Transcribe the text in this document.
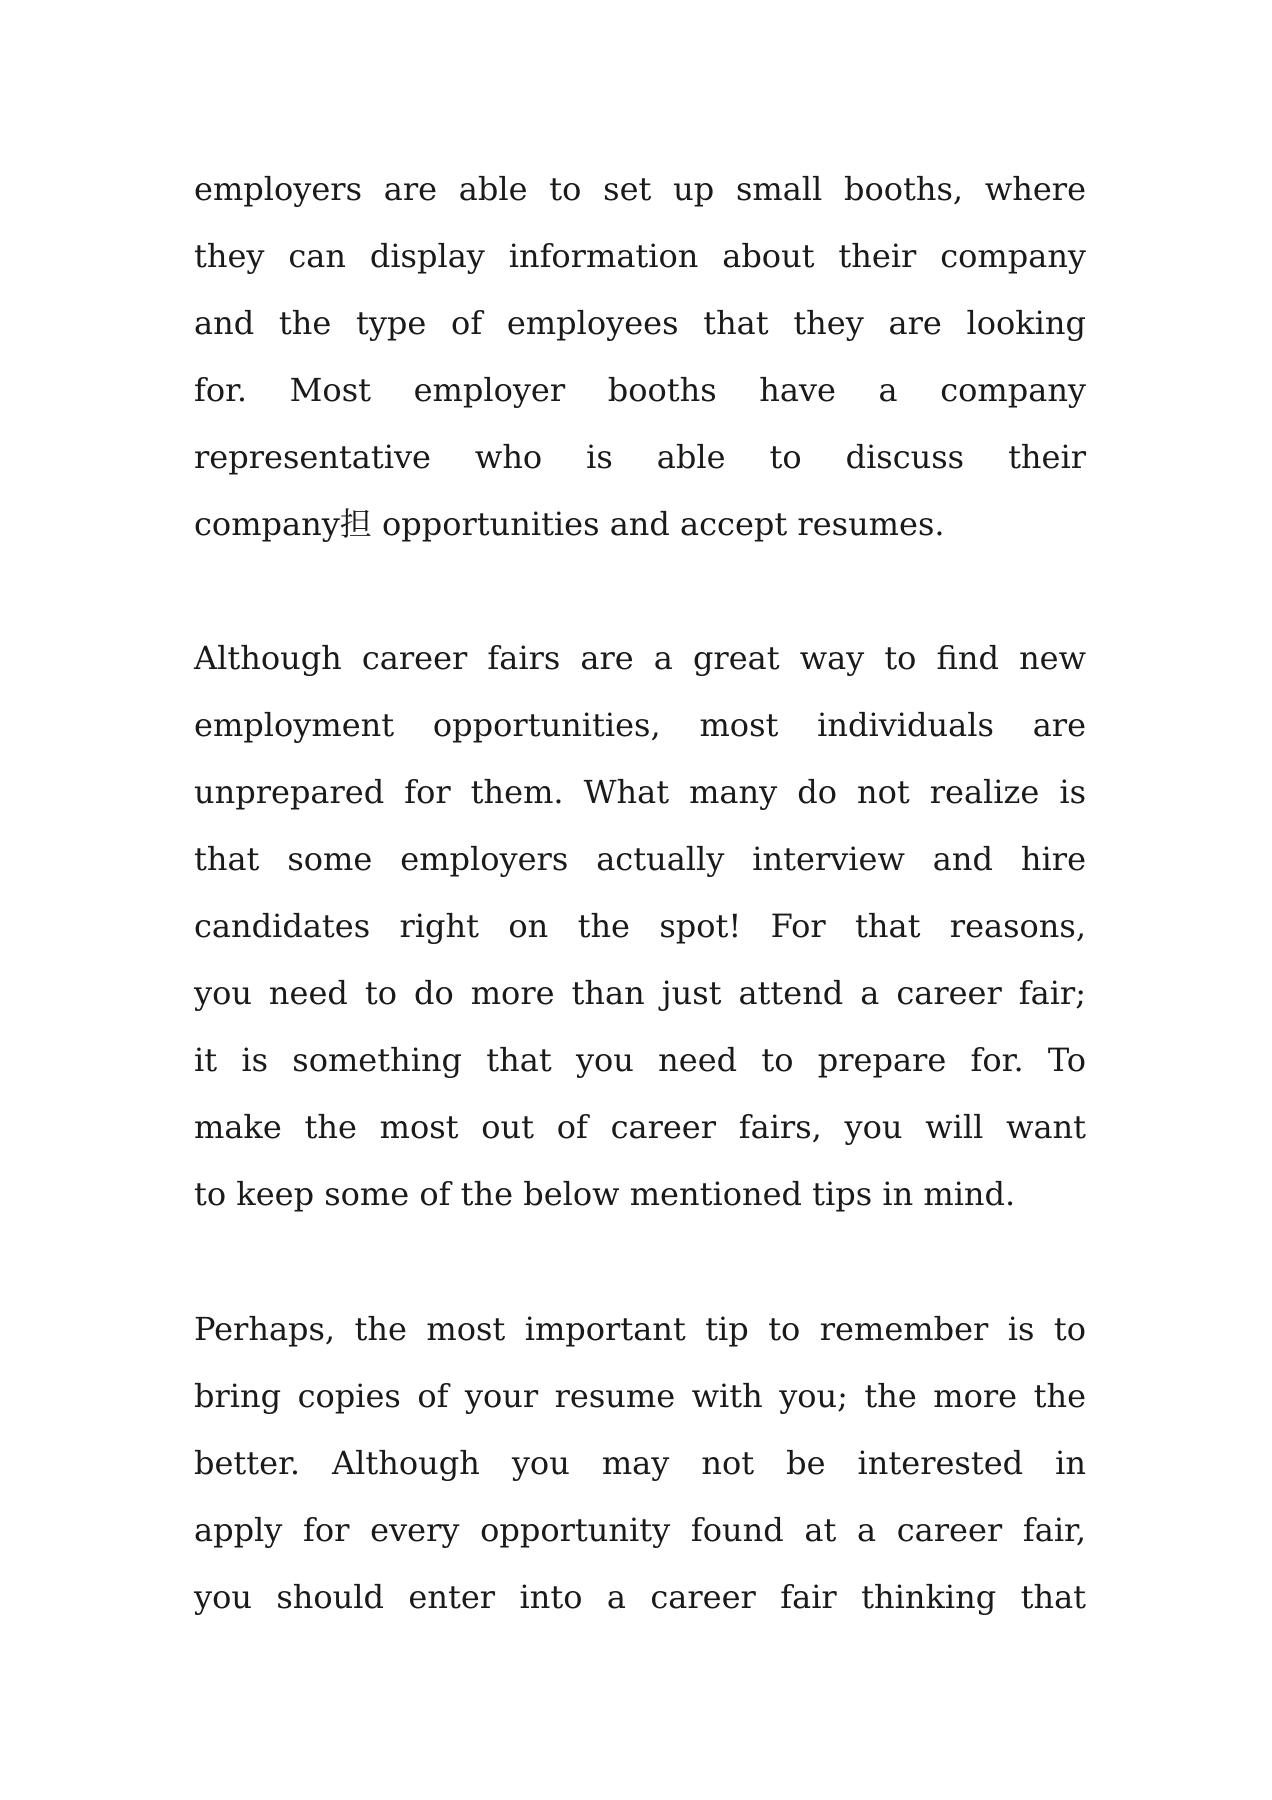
employers are able to set up small booths, where
they can display information about their company
and the type of employees that they are looking
for. Most employer booths have a company
representative who is able to discuss their
company担 opportunities and accept resumes.
Although career fairs are a great way to find new
employment opportunities, most individuals are
unprepared for them. What many do not realize is
that some employers actually interview and hire
candidates right on the spot! For that reasons,
you need to do more than just attend a career fair;
it is something that you need to prepare for. To
make the most out of career fairs, you will want
to keep some of the below mentioned tips in mind.
Perhaps, the most important tip to remember is to
bring copies of your resume with you; the more the
better. Although you may not be interested in
apply for every opportunity found at a career fair,
you should enter into a career fair thinking that
